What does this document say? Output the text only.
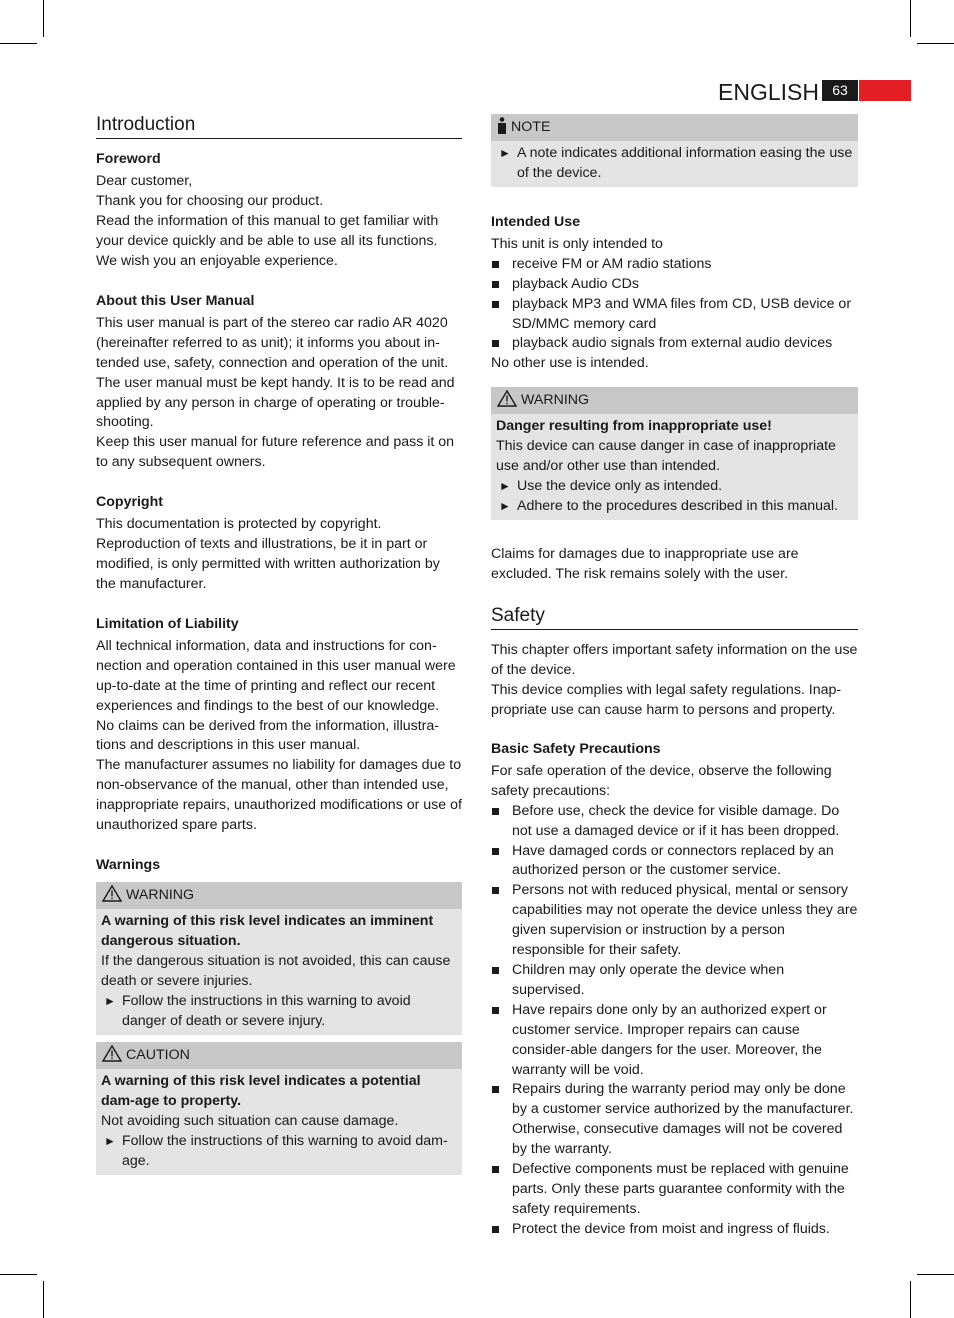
ENGLISH 63
Introduction

Foreword

Dear customer,

Thank you for choosing our product.

Read the information of this manual to get familiar with your device quickly and be able to use all its functions.

We wish you an enjoyable experience.

About this User Manual

This user manual is part of the stereo car radio AR 4020 (hereinafter referred to as unit); it informs you about in-tended use, safety, connection and operation of the unit.

The user manual must be kept handy. It is to be read and applied by any person in charge of operating or trouble-shooting.

Keep this user manual for future reference and pass it on to any subsequent owners.

Copyright

This documentation is protected by copyright.

Reproduction of texts and illustrations, be it in part or modified, is only permitted with written authorization by the manufacturer.

Limitation of Liability

All technical information, data and instructions for con-nection and operation contained in this user manual were up-to-date at the time of printing and reflect our recent experiences and findings to the best of our knowledge.

No claims can be derived from the information, illustra-tions and descriptions in this user manual.

The manufacturer assumes no liability for damages due to non-observance of the manual, other than intended use, inappropriate repairs, unauthorized modifications or use of unauthorized spare parts.

Warnings

WARNING

A warning of this risk level indicates an imminent dangerous situation.

If the dangerous situation is not avoided, this can cause death or severe injuries.

► Follow the instructions in this warning to avoid danger of death or severe injury.
CAUTION

A warning of this risk level indicates a potential dam-age to property.

Not avoiding such situation can cause damage.

► Follow the instructions of this warning to avoid dam-age.
NOTE
► A note indicates additional information easing the use of the device.

Intended Use

This unit is only intended to

receive FM or AM radio stations
playback Audio CDs
playback MP3 and WMA files from CD, USB device or SD/MMC memory card
playback audio signals from external audio devices

No other use is intended.

WARNING

Danger resulting from inappropriate use!

This device can cause danger in case of inappropriate use and/or other use than intended.

► Use the device only as intended.
► Adhere to the procedures described in this manual.

Claims for damages due to inappropriate use are excluded. The risk remains solely with the user.

Safety

This chapter offers important safety information on the use of the device.

This device complies with legal safety regulations. Inap-propriate use can cause harm to persons and property.

Basic Safety Precautions

For safe operation of the device, observe the following safety precautions:

Before use, check the device for visible damage. Do not use a damaged device or if it has been dropped.
Have damaged cords or connectors replaced by an authorized person or the customer service.
Persons not with reduced physical, mental or sensory capabilities may not operate the device unless they are given supervision or instruction by a person responsible for their safety.
Children may only operate the device when supervised.
Have repairs done only by an authorized expert or customer service. Improper repairs can cause consider-able dangers for the user. Moreover, the warranty will be void.
Repairs during the warranty period may only be done by a customer service authorized by the manufacturer. Otherwise, consecutive damages will not be covered by the warranty.
Defective components must be replaced with genuine parts. Only these parts guarantee conformity with the safety requirements.
Protect the device from moist and ingress of fluids.
